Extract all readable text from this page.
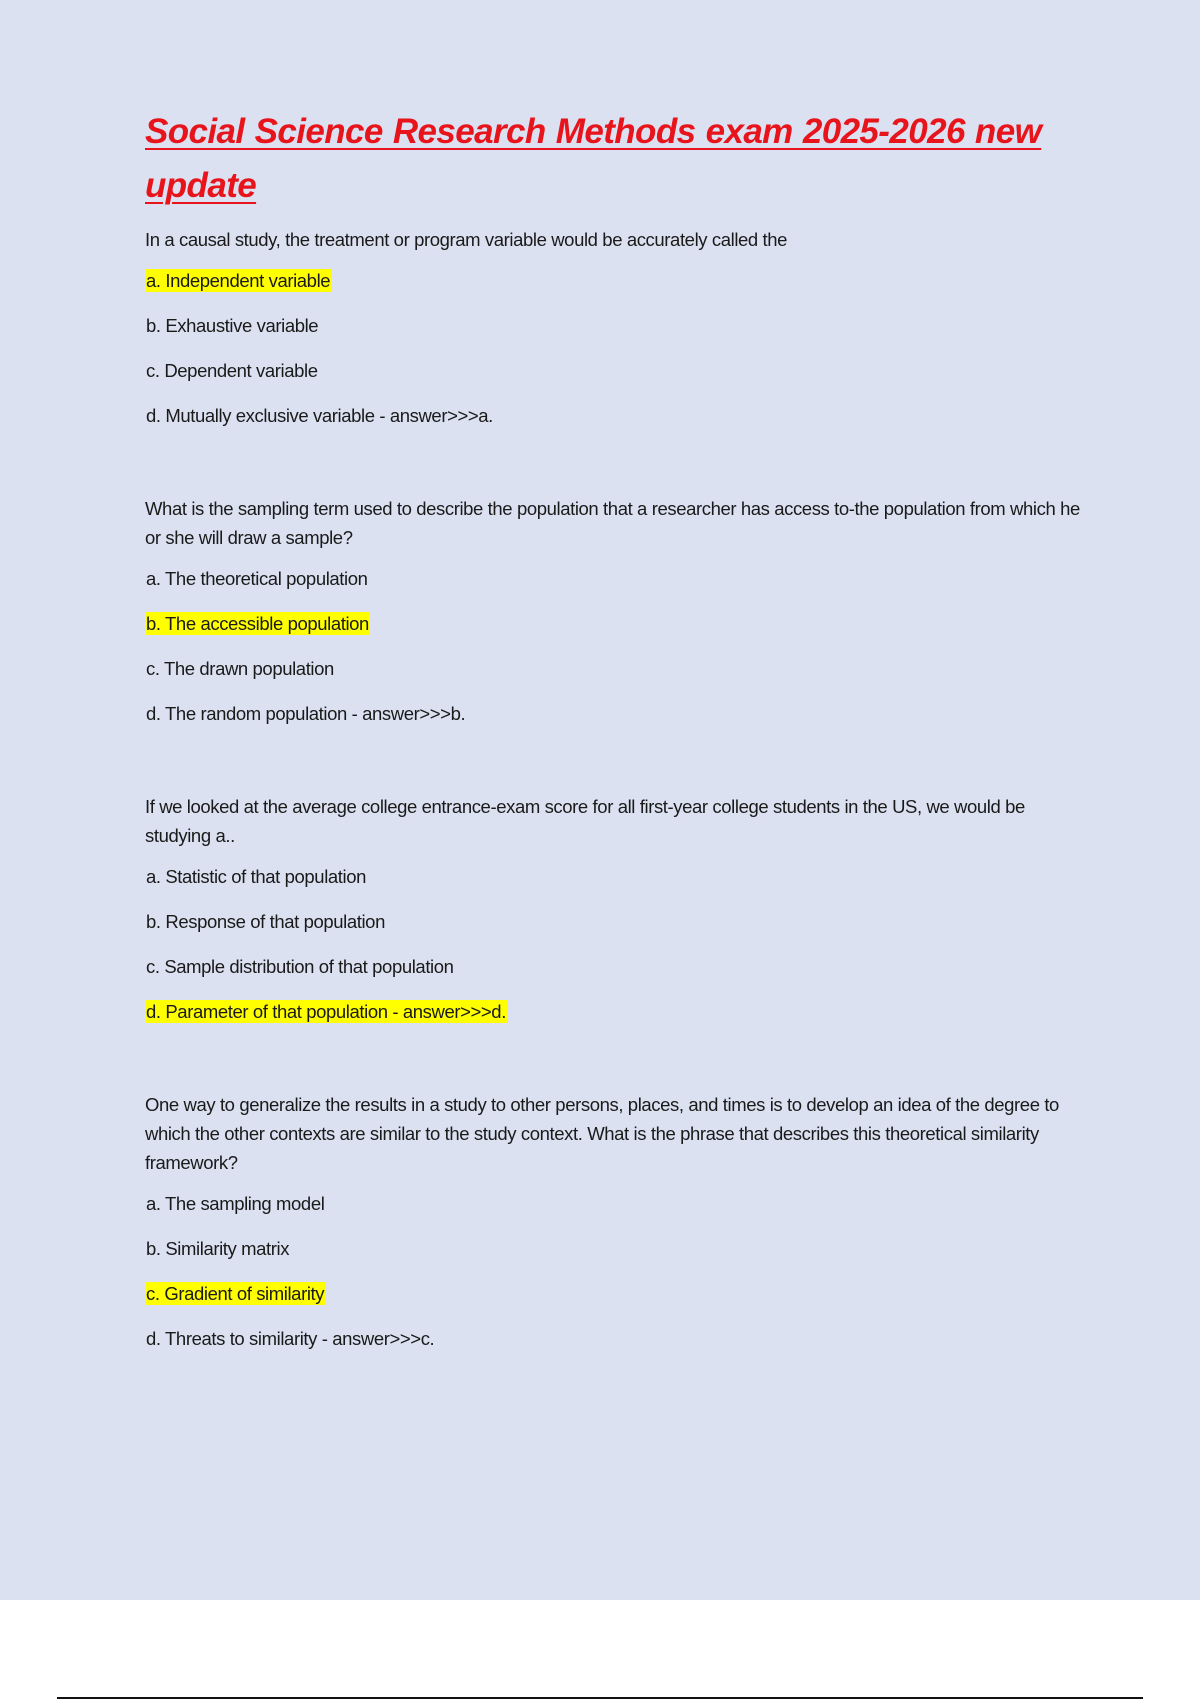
Social Science Research Methods exam 2025-2026 new update

In a causal study, the treatment or program variable would be accurately called the

a. Independent variable

b. Exhaustive variable

c. Dependent variable

d. Mutually exclusive variable - answer>>>a.

What is the sampling term used to describe the population that a researcher has access to-the population from which he or she will draw a sample?

a. The theoretical population

b. The accessible population

c. The drawn population

d. The random population - answer>>>b.

If we looked at the average college entrance-exam score for all first-year college students in the US, we would be studying a..

a. Statistic of that population

b. Response of that population

c. Sample distribution of that population

d. Parameter of that population - answer>>>d.

One way to generalize the results in a study to other persons, places, and times is to develop an idea of the degree to which the other contexts are similar to the study context. What is the phrase that describes this theoretical similarity framework?

a. The sampling model

b. Similarity matrix

c. Gradient of similarity

d. Threats to similarity - answer>>>c.
